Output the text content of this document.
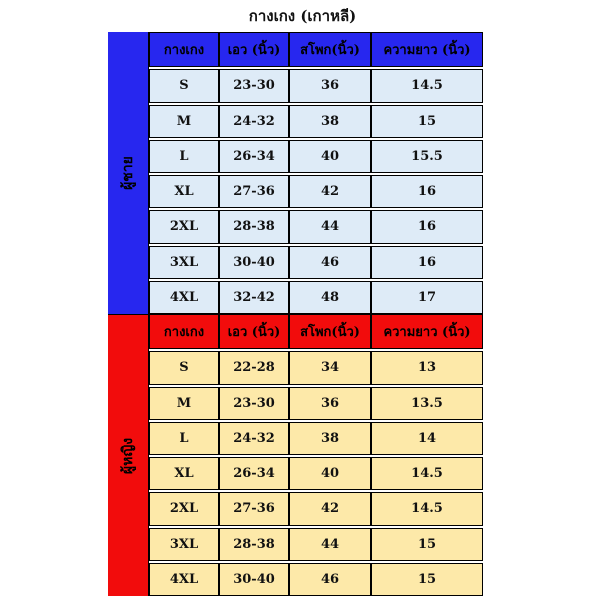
กางเกง (เกาหลี)
ผู้ชาย
ผู้หญิง
กางเกง	เอว (นิ้ว)	สโพก(นิ้ว)	ความยาว (นิ้ว)
S	23-30	36	14.5
M	24-32	38	15
L	26-34	40	15.5
XL	27-36	42	16
2XL	28-38	44	16
3XL	30-40	46	16
4XL	32-42	48	17
กางเกง	เอว (นิ้ว)	สโพก(นิ้ว)	ความยาว (นิ้ว)
S	22-28	34	13
M	23-30	36	13.5
L	24-32	38	14
XL	26-34	40	14.5
2XL	27-36	42	14.5
3XL	28-38	44	15
4XL	30-40	46	15
